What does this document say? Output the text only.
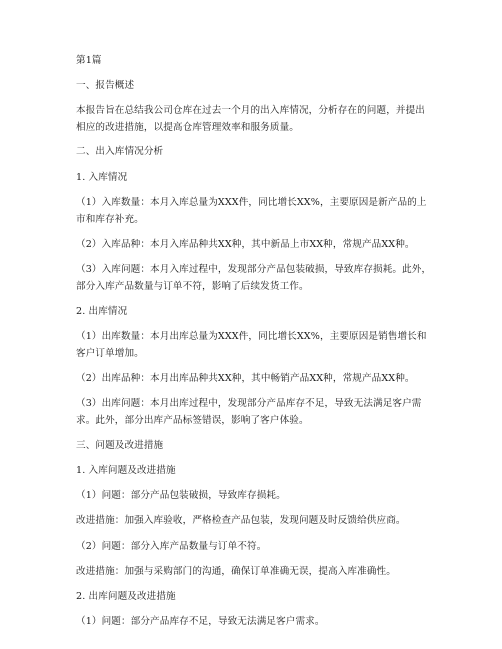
第1篇
一、报告概述
本报告旨在总结我公司仓库在过去一个月的出入库情况，分析存在的问题，并提出
相应的改进措施，以提高仓库管理效率和服务质量。
二、出入库情况分析
1. 入库情况
（1）入库数量：本月入库总量为XXX件，同比增长XX%，主要原因是新产品的上
市和库存补充。
（2）入库品种：本月入库品种共XX种，其中新品上市XX种，常规产品XX种。
（3）入库问题：本月入库过程中，发现部分产品包装破损，导致库存损耗。此外，
部分入库产品数量与订单不符，影响了后续发货工作。
2. 出库情况
（1）出库数量：本月出库总量为XXX件，同比增长XX%，主要原因是销售增长和
客户订单增加。
（2）出库品种：本月出库品种共XX种，其中畅销产品XX种，常规产品XX种。
（3）出库问题：本月出库过程中，发现部分产品库存不足，导致无法满足客户需
求。此外，部分出库产品标签错误，影响了客户体验。
三、问题及改进措施
1. 入库问题及改进措施
（1）问题：部分产品包装破损，导致库存损耗。
改进措施：加强入库验收，严格检查产品包装，发现问题及时反馈给供应商。
（2）问题：部分入库产品数量与订单不符。
改进措施：加强与采购部门的沟通，确保订单准确无误，提高入库准确性。
2. 出库问题及改进措施
（1）问题：部分产品库存不足，导致无法满足客户需求。
